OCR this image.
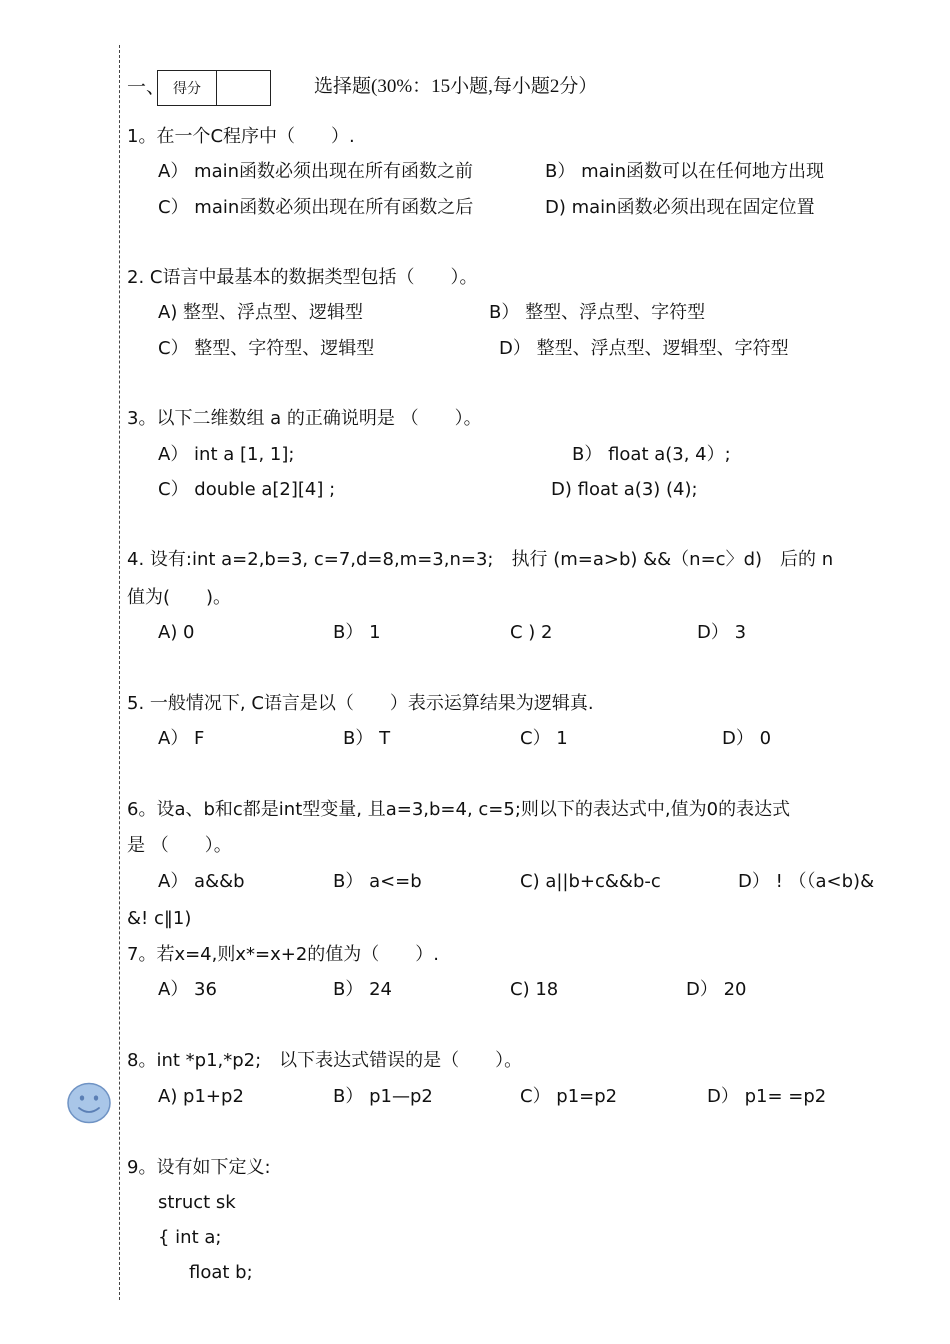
一、 得分	选择题(30%：15小题,每小题2分）
1。在一个C程序中（　　）.
A） main函数必须出现在所有函数之前	B） main函数可以在任何地方出现
C） main函数必须出现在所有函数之后	D) main函数必须出现在固定位置
2. C语言中最基本的数据类型包括（　　）。
A) 整型、浮点型、逻辑型	B） 整型、浮点型、字符型
C） 整型、字符型、逻辑型	D） 整型、浮点型、逻辑型、字符型
3。以下二维数组 a 的正确说明是 （　　）。
A） int a [1, 1];	B） float a(3, 4）;
C） double a[2][4] ;	D) float a(3) (4);
4. 设有:int a=2,b=3, c=7,d=8,m=3,n=3;　执行 (m=a>b) &&（n=c〉d)　后的 n
值为(　　)。
A) 0	B） 1	C ) 2	D） 3
5. 一般情况下, C语言是以（　　）表示运算结果为逻辑真.
A） F	B） T	C） 1	D） 0
6。设a、b和c都是int型变量, 且a=3,b=4, c=5;则以下的表达式中,值为0的表达式
是 （　　）。
A） a&&b	B） a<=b	C) a||b+c&&b-c	D） ! （（a<b)&
&! c‖1)
7。若x=4,则x*=x+2的值为（　　）.
A） 36	B） 24	C) 18	D） 20
8。int *p1,*p2;　以下表达式错误的是（　　）。
A) p1+p2	B） p1—p2	C） p1=p2	D） p1= =p2
9。设有如下定义:
struct sk
{ int a;
float b;
